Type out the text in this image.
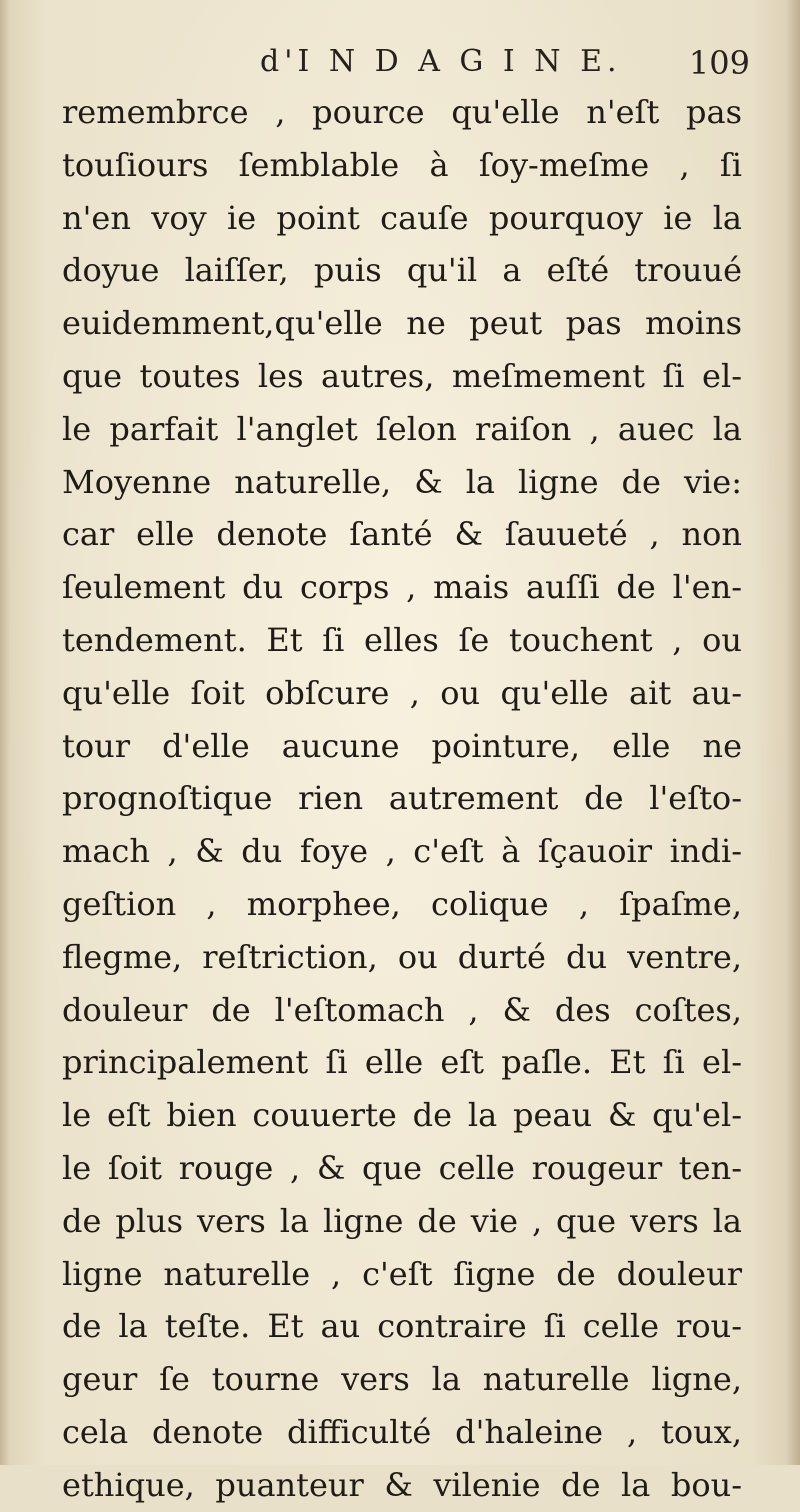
d'I N D A G I N E. 109
remembrce , pource qu'elle n'eſt pas
touſiours ſemblable à ſoy-meſme , ſi
n'en voy ie point cauſe pourquoy ie la
doyue laiſſer, puis qu'il a eſté trouué
euidemment,qu'elle ne peut pas moins
que toutes les autres, meſmement ſi el-
le parfait l'anglet ſelon raiſon , auec la
Moyenne naturelle, & la ligne de vie:
car elle denote ſanté & ſauueté , non
ſeulement du corps , mais auſſi de l'en-
tendement. Et ſi elles ſe touchent , ou
qu'elle ſoit obſcure , ou qu'elle ait au-
tour d'elle aucune pointure, elle ne
prognoſtique rien autrement de l'eſto-
mach , & du foye , c'eſt à ſçauoir indi-
geſtion , morphee, colique , ſpaſme,
flegme, reſtriction, ou durté du ventre,
douleur de l'eſtomach , & des coſtes,
principalement ſi elle eſt paſle. Et ſi el-
le eſt bien couuerte de la peau & qu'el-
le ſoit rouge , & que celle rougeur ten-
de plus vers la ligne de vie , que vers la
ligne naturelle , c'eſt ſigne de douleur
de la teſte. Et au contraire ſi celle rou-
geur ſe tourne vers la naturelle ligne,
cela denote difficulté d'haleine , toux,
ethique, puanteur & vilenie de la bou-
